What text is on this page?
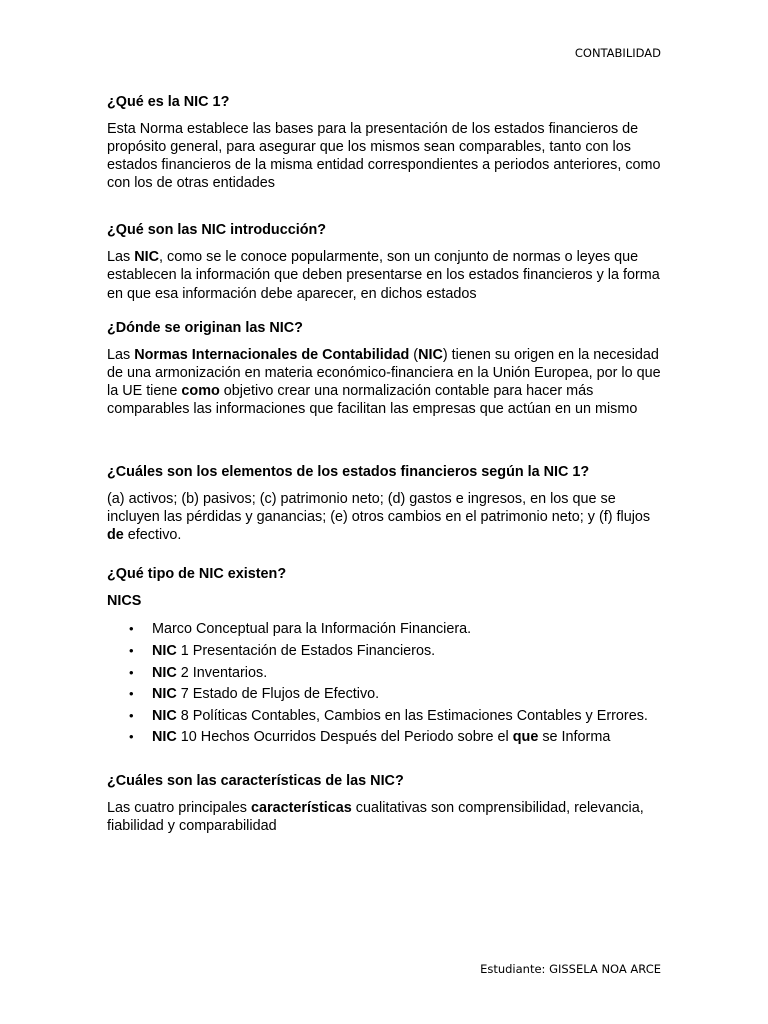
CONTABILIDAD
¿Qué es la NIC 1?

Esta Norma establece las bases para la presentación de los estados financieros de propósito general, para asegurar que los mismos sean comparables, tanto con los estados financieros de la misma entidad correspondientes a periodos anteriores, como con los de otras entidades

¿Qué son las NIC introducción?

Las NIC, como se le conoce popularmente, son un conjunto de normas o leyes que establecen la información que deben presentarse en los estados financieros y la forma en que esa información debe aparecer, en dichos estados

¿Dónde se originan las NIC?

Las Normas Internacionales de Contabilidad (NIC) tienen su origen en la necesidad de una armonización en materia económico-financiera en la Unión Europea, por lo que la UE tiene como objetivo crear una normalización contable para hacer más comparables las informaciones que facilitan las empresas que actúan en un mismo

¿Cuáles son los elementos de los estados financieros según la NIC 1?

(a) activos; (b) pasivos; (c) patrimonio neto; (d) gastos e ingresos, en los que se incluyen las pérdidas y ganancias; (e) otros cambios en el patrimonio neto; y (f) flujos de efectivo.

¿Qué tipo de NIC existen?
NICS
• Marco Conceptual para la Información Financiera.
• NIC 1 Presentación de Estados Financieros.
• NIC 2 Inventarios.
• NIC 7 Estado de Flujos de Efectivo.
• NIC 8 Políticas Contables, Cambios en las Estimaciones Contables y Errores.
• NIC 10 Hechos Ocurridos Después del Periodo sobre el que se Informa
¿Cuáles son las características de las NIC?

Las cuatro principales características cualitativas son comprensibilidad, relevancia, fiabilidad y comparabilidad

Estudiante: GISSELA NOA ARCE
